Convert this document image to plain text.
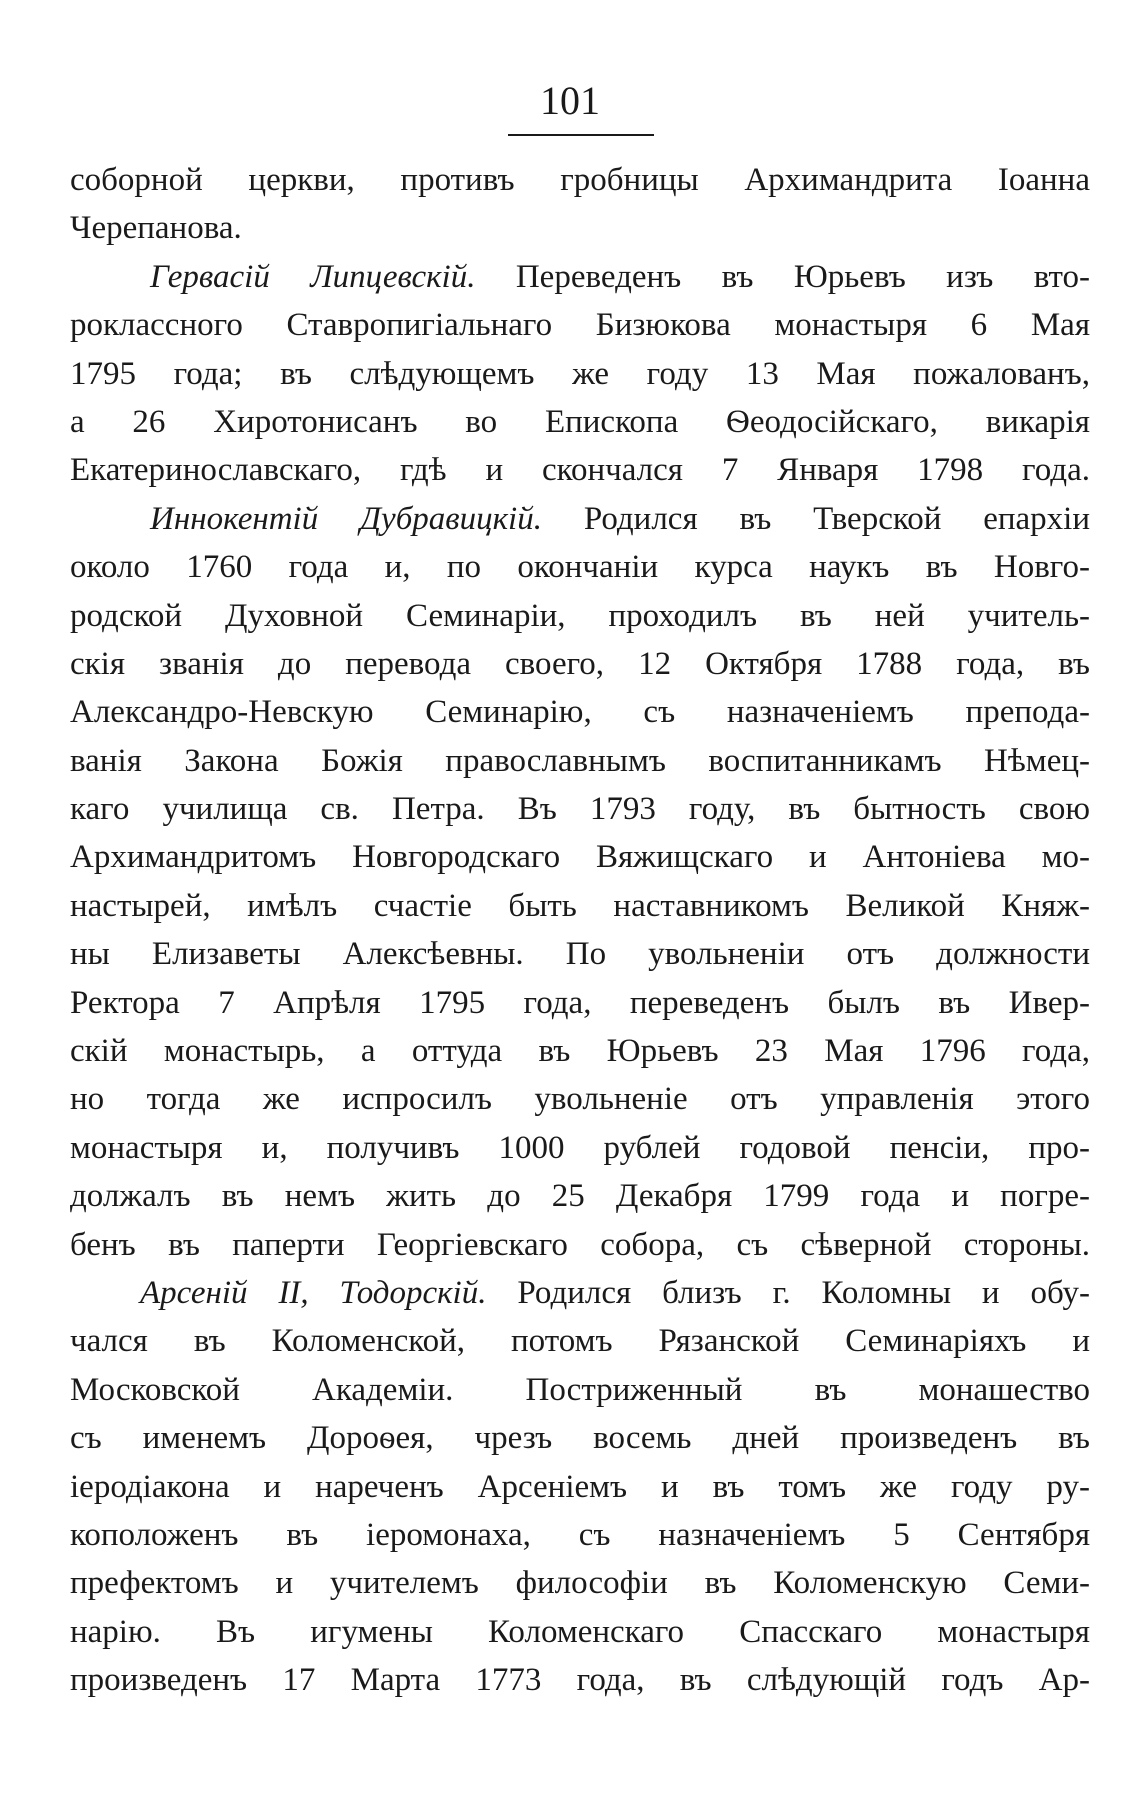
101
соборной церкви, противъ гробницы Архимандрита Іоанна
Черепанова.
Гервасій Липцевскій. Переведенъ въ Юрьевъ изъ вто-
роклассного Ставропигіальнаго Бизюкова монастыря 6 Мая
1795 года; въ слѣдующемъ же году 13 Мая пожалованъ,
а 26 Хиротонисанъ во Епископа Ѳеодосійскаго, викарія
Екатеринославскаго, гдѣ и скончался 7 Января 1798 года.
Иннокентій Дубравицкій. Родился въ Тверской епархіи
около 1760 года и, по окончаніи курса наукъ въ Новго-
родской Духовной Семинаріи, проходилъ въ ней учитель-
скія званія до перевода своего, 12 Октября 1788 года, въ
Александро-Невскую Семинарію, съ назначеніемъ препода-
ванія Закона Божія православнымъ воспитанникамъ Нѣмец-
каго училища св. Петра. Въ 1793 году, въ бытность свою
Архимандритомъ Новгородскаго Вяжищскаго и Антоніева мо-
настырей, имѣлъ счастіе быть наставникомъ Великой Княж-
ны Елизаветы Алексѣевны. По увольненіи отъ должности
Ректора 7 Апрѣля 1795 года, переведенъ былъ въ Ивер-
скій монастырь, а оттуда въ Юрьевъ 23 Мая 1796 года,
но тогда же испросилъ увольненіе отъ управленія этого
монастыря и, получивъ 1000 рублей годовой пенсіи, про-
должалъ въ немъ жить до 25 Декабря 1799 года и погре-
бенъ въ паперти Георгіевскаго собора, съ сѣверной стороны.
Арсеній II, Тодорскій. Родился близъ г. Коломны и обу-
чался въ Коломенской, потомъ Рязанской Семинаріяхъ и
Московской Академіи. Постриженный въ монашество
съ именемъ Дороѳея, чрезъ восемь дней произведенъ въ
іеродіакона и нареченъ Арсеніемъ и въ томъ же году ру-
коположенъ въ іеромонаха, съ назначеніемъ 5 Сентября
префектомъ и учителемъ философіи въ Коломенскую Семи-
нарію. Въ игумены Коломенскаго Спасскаго монастыря
произведенъ 17 Марта 1773 года, въ слѣдующій годъ Ар-
